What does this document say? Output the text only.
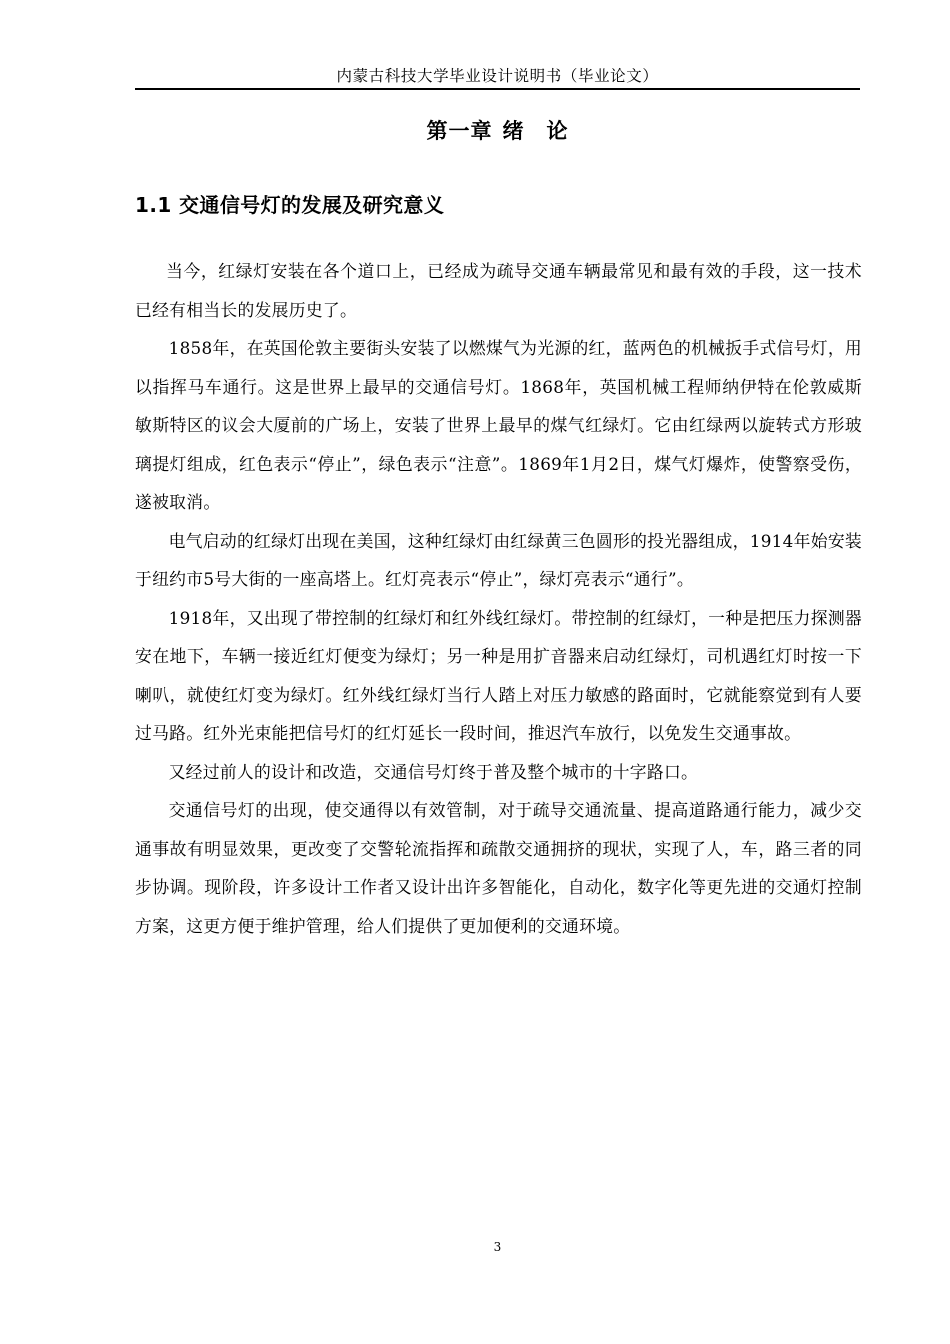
内蒙古科技大学毕业设计说明书（毕业论文）
第一章 绪　论
1.1 交通信号灯的发展及研究意义

当今，红绿灯安装在各个道口上，已经成为疏导交通车辆最常见和最有效的手段，这一技术已经有相当长的发展历史了。

1858年，在英国伦敦主要街头安装了以燃煤气为光源的红，蓝两色的机械扳手式信号灯，用以指挥马车通行。这是世界上最早的交通信号灯。1868年，英国机械工程师纳伊特在伦敦威斯敏斯特区的议会大厦前的广场上，安装了世界上最早的煤气红绿灯。它由红绿两以旋转式方形玻璃提灯组成，红色表示“停止”，绿色表示“注意”。1869年1月2日，煤气灯爆炸，使警察受伤，遂被取消。

电气启动的红绿灯出现在美国，这种红绿灯由红绿黄三色圆形的投光器组成，1914年始安装于纽约市5号大街的一座高塔上。红灯亮表示“停止”，绿灯亮表示“通行”。

1918年，又出现了带控制的红绿灯和红外线红绿灯。带控制的红绿灯，一种是把压力探测器安在地下，车辆一接近红灯便变为绿灯；另一种是用扩音器来启动红绿灯，司机遇红灯时按一下喇叭，就使红灯变为绿灯。红外线红绿灯当行人踏上对压力敏感的路面时，它就能察觉到有人要过马路。红外光束能把信号灯的红灯延长一段时间，推迟汽车放行，以免发生交通事故。

又经过前人的设计和改造，交通信号灯终于普及整个城市的十字路口。

交通信号灯的出现，使交通得以有效管制，对于疏导交通流量、提高道路通行能力，减少交通事故有明显效果，更改变了交警轮流指挥和疏散交通拥挤的现状，实现了人，车，路三者的同步协调。现阶段，许多设计工作者又设计出许多智能化，自动化，数字化等更先进的交通灯控制方案，这更方便于维护管理，给人们提供了更加便利的交通环境。

3
